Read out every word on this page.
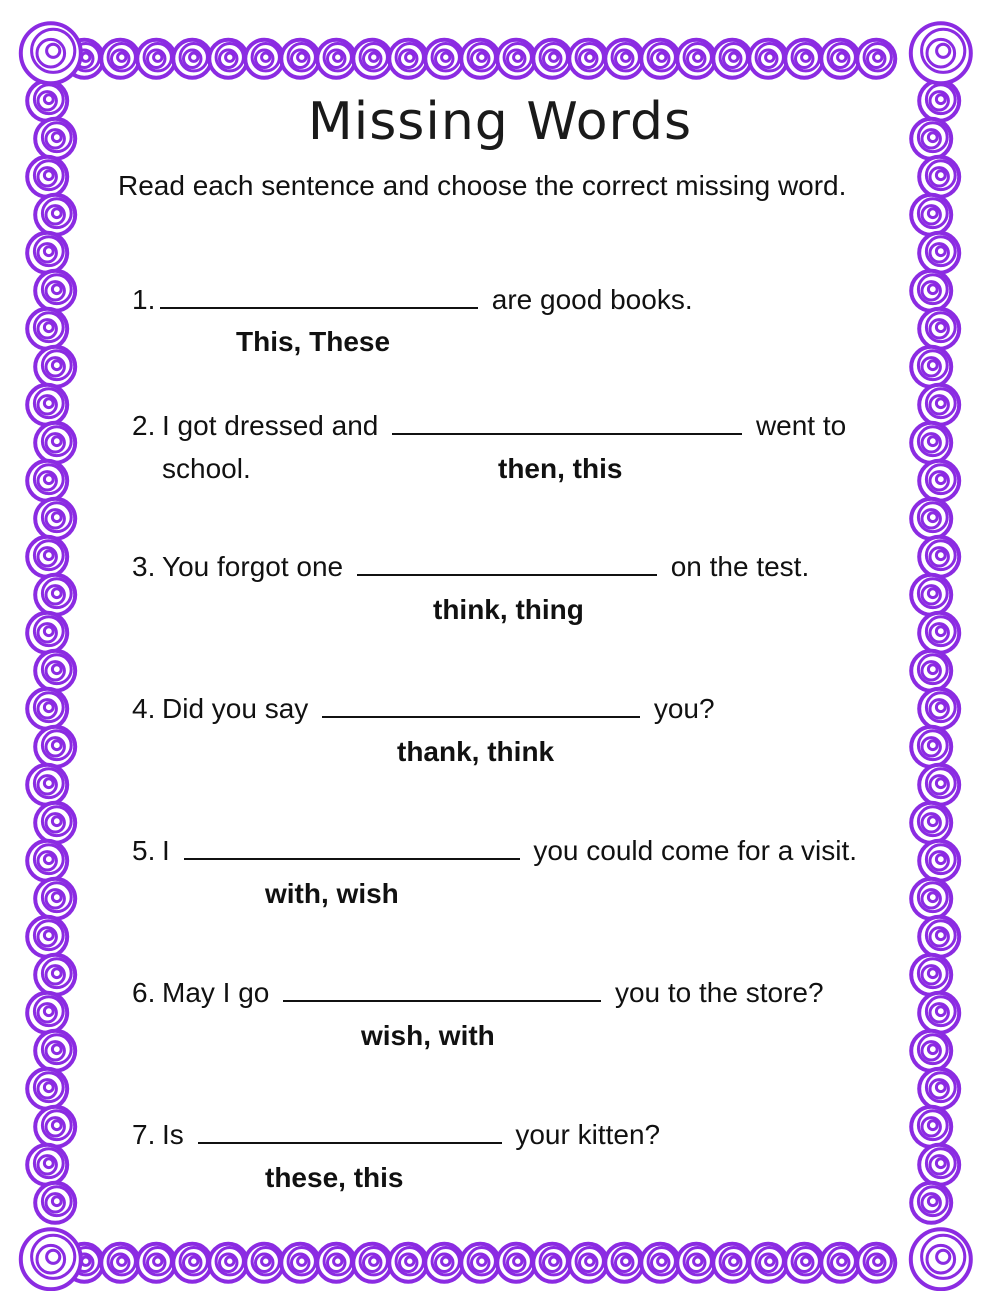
Missing Words
Read each sentence and choose the correct missing word.
1.	are good books.
This, These
2. I got dressed and	went to
school.	then, this
3. You forgot one	on the test.
think, thing
4. Did you say	you?
thank, think
5. I	you could come for a visit.
with, wish
6. May I go	you to the store?
wish, with
7. Is	your kitten?
these, this
